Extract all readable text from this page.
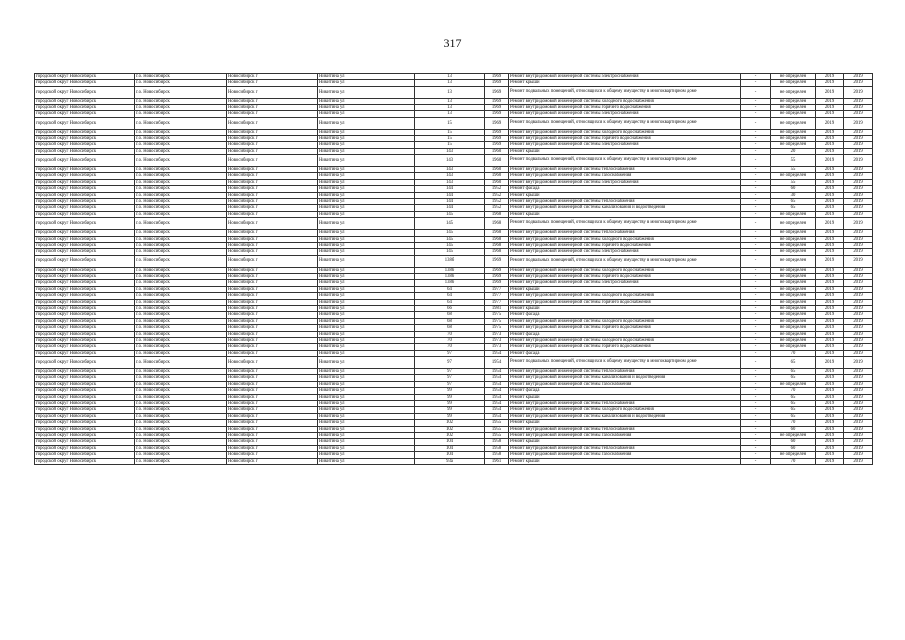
317
городской округ Новосибирск	г.о. Новосибирск	Новосибирск г	Никитина ул	13	1969	Ремонт внутридомовой инженерной системы электроснабжения	-	не определен	2019	2019
городской округ Новосибирск	г.о. Новосибирск	Новосибирск г	Никитина ул	13	1969	Ремонт крыши	-	не определен	2019	2019
городской округ Новосибирск	г.о. Новосибирск	Новосибирск г	Никитина ул	13	1969	Ремонт подвальных помещений, относящихся к общему имуществу в многоквартирном доме	-	не определен	2019	2019
городской округ Новосибирск	г.о. Новосибирск	Новосибирск г	Никитина ул	13	1969	Ремонт внутридомовой инженерной системы холодного водоснабжения	-	не определен	2019	2019
городской округ Новосибирск	г.о. Новосибирск	Новосибирск г	Никитина ул	13	1969	Ремонт внутридомовой инженерной системы горячего водоснабжения	-	не определен	2019	2019
городской округ Новосибирск	г.о. Новосибирск	Новосибирск г	Никитина ул	13	1969	Ремонт внутридомовой инженерной системы электроснабжения	-	не определен	2019	2019
городской округ Новосибирск	г.о. Новосибирск	Новосибирск г	Никитина ул	15	1969	Ремонт подвальных помещений, относящихся к общему имуществу в многоквартирном доме	-	не определен	2019	2019
городской округ Новосибирск	г.о. Новосибирск	Новосибирск г	Никитина ул	15	1969	Ремонт внутридомовой инженерной системы холодного водоснабжения	-	не определен	2019	2019
городской округ Новосибирск	г.о. Новосибирск	Новосибирск г	Никитина ул	15	1969	Ремонт внутридомовой инженерной системы горячего водоснабжения	-	не определен	2019	2019
городской округ Новосибирск	г.о. Новосибирск	Новосибирск г	Никитина ул	15	1969	Ремонт внутридомовой инженерной системы электроснабжения	-	не определен	2019	2019
городской округ Новосибирск	г.о. Новосибирск	Новосибирск г	Никитина ул	143	1960	Ремонт крыши	-	20	2019	2019
городской округ Новосибирск	г.о. Новосибирск	Новосибирск г	Никитина ул	143	1960	Ремонт подвальных помещений, относящихся к общему имуществу в многоквартирном доме	-	55	2019	2019
городской округ Новосибирск	г.о. Новосибирск	Новосибирск г	Никитина ул	143	1960	Ремонт внутридомовой инженерной системы теплоснабжения	-	55	2019	2019
городской округ Новосибирск	г.о. Новосибирск	Новосибирск г	Никитина ул	143	1960	Ремонт внутридомовой инженерной системы газоснабжения	-	не определен	2019	2019
городской округ Новосибирск	г.о. Новосибирск	Новосибирск г	Никитина ул	143	1960	Ремонт внутридомовой инженерной системы электроснабжения	-	55	2019	2019
городской округ Новосибирск	г.о. Новосибирск	Новосибирск г	Никитина ул	144	1952	Ремонт фасада	-	60	2019	2019
городской округ Новосибирск	г.о. Новосибирск	Новосибирск г	Никитина ул	144	1952	Ремонт крыши	-	30	2019	2019
городской округ Новосибирск	г.о. Новосибирск	Новосибирск г	Никитина ул	144	1952	Ремонт внутридомовой инженерной системы теплоснабжения	-	65	2019	2019
городской округ Новосибирск	г.о. Новосибирск	Новосибирск г	Никитина ул	144	1952	Ремонт внутридомовой инженерной системы канализования и водоотведения	-	65	2019	2019
городской округ Новосибирск	г.о. Новосибирск	Новосибирск г	Никитина ул	145	1968	Ремонт крыши	-	не определен	2019	2019
городской округ Новосибирск	г.о. Новосибирск	Новосибирск г	Никитина ул	145	1968	Ремонт подвальных помещений, относящихся к общему имуществу в многоквартирном доме	-	не определен	2019	2019
городской округ Новосибирск	г.о. Новосибирск	Новосибирск г	Никитина ул	145	1968	Ремонт внутридомовой инженерной системы теплоснабжения	-	не определен	2019	2019
городской округ Новосибирск	г.о. Новосибирск	Новосибирск г	Никитина ул	145	1968	Ремонт внутридомовой инженерной системы холодного водоснабжения	-	не определен	2019	2019
городской округ Новосибирск	г.о. Новосибирск	Новосибирск г	Никитина ул	145	1968	Ремонт внутридомовой инженерной системы горячего водоснабжения	-	не определен	2019	2019
городской округ Новосибирск	г.о. Новосибирск	Новосибирск г	Никитина ул	145	1968	Ремонт внутридомовой инженерной системы электроснабжения	-	не определен	2019	2019
городской округ Новосибирск	г.о. Новосибирск	Новосибирск г	Никитина ул	138б	1969	Ремонт подвальных помещений, относящихся к общему имуществу в многоквартирном доме	-	не определен	2019	2019
городской округ Новосибирск	г.о. Новосибирск	Новосибирск г	Никитина ул	138б	1969	Ремонт внутридомовой инженерной системы холодного водоснабжения	-	не определен	2019	2019
городской округ Новосибирск	г.о. Новосибирск	Новосибирск г	Никитина ул	138б	1969	Ремонт внутридомовой инженерной системы горячего водоснабжения	-	не определен	2019	2019
городской округ Новосибирск	г.о. Новосибирск	Новосибирск г	Никитина ул	138б	1969	Ремонт внутридомовой инженерной системы электроснабжения	-	не определен	2019	2019
городской округ Новосибирск	г.о. Новосибирск	Новосибирск г	Никитина ул	64	1977	Ремонт крыши	-	не определен	2019	2019
городской округ Новосибирск	г.о. Новосибирск	Новосибирск г	Никитина ул	64	1977	Ремонт внутридомовой инженерной системы холодного водоснабжения	-	не определен	2019	2019
городской округ Новосибирск	г.о. Новосибирск	Новосибирск г	Никитина ул	64	1977	Ремонт внутридомовой инженерной системы горячего водоснабжения	-	не определен	2019	2019
городской округ Новосибирск	г.о. Новосибирск	Новосибирск г	Никитина ул	66	1981	Ремонт крыши	-	не определен	2019	2019
городской округ Новосибирск	г.о. Новосибирск	Новосибирск г	Никитина ул	68	1975	Ремонт фасада	-	не определен	2019	2019
городской округ Новосибирск	г.о. Новосибирск	Новосибирск г	Никитина ул	68	1975	Ремонт внутридомовой инженерной системы холодного водоснабжения	-	не определен	2019	2019
городской округ Новосибирск	г.о. Новосибирск	Новосибирск г	Никитина ул	68	1975	Ремонт внутридомовой инженерной системы горячего водоснабжения	-	не определен	2019	2019
городской округ Новосибирск	г.о. Новосибирск	Новосибирск г	Никитина ул	70	1973	Ремонт фасада	-	не определен	2019	2019
городской округ Новосибирск	г.о. Новосибирск	Новосибирск г	Никитина ул	70	1973	Ремонт внутридомовой инженерной системы холодного водоснабжения	-	не определен	2019	2019
городской округ Новосибирск	г.о. Новосибирск	Новосибирск г	Никитина ул	70	1973	Ремонт внутридомовой инженерной системы горячего водоснабжения	-	не определен	2019	2019
городской округ Новосибирск	г.о. Новосибирск	Новосибирск г	Никитина ул	97	1954	Ремонт фасада	-	70	2019	2019
городской округ Новосибирск	г.о. Новосибирск	Новосибирск г	Никитина ул	97	1954	Ремонт подвальных помещений, относящихся к общему имуществу в многоквартирном доме	-	65	2019	2019
городской округ Новосибирск	г.о. Новосибирск	Новосибирск г	Никитина ул	97	1954	Ремонт внутридомовой инженерной системы теплоснабжения	-	65	2019	2019
городской округ Новосибирск	г.о. Новосибирск	Новосибирск г	Никитина ул	97	1954	Ремонт внутридомовой инженерной системы канализования и водоотведения	-	65	2019	2019
городской округ Новосибирск	г.о. Новосибирск	Новосибирск г	Никитина ул	97	1954	Ремонт внутридомовой инженерной системы газоснабжения	-	не определен	2019	2019
городской округ Новосибирск	г.о. Новосибирск	Новосибирск г	Никитина ул	99	1954	Ремонт фасада	-	70	2019	2019
городской округ Новосибирск	г.о. Новосибирск	Новосибирск г	Никитина ул	99	1954	Ремонт крыши	-	65	2019	2019
городской округ Новосибирск	г.о. Новосибирск	Новосибирск г	Никитина ул	99	1954	Ремонт внутридомовой инженерной системы теплоснабжения	-	65	2019	2019
городской округ Новосибирск	г.о. Новосибирск	Новосибирск г	Никитина ул	99	1954	Ремонт внутридомовой инженерной системы холодного водоснабжения	-	65	2019	2019
городской округ Новосибирск	г.о. Новосибирск	Новосибирск г	Никитина ул	99	1954	Ремонт внутридомовой инженерной системы канализования и водоотведения	-	65	2019	2019
городской округ Новосибирск	г.о. Новосибирск	Новосибирск г	Никитина ул	102	1955	Ремонт крыши	-	70	2019	2019
городской округ Новосибирск	г.о. Новосибирск	Новосибирск г	Никитина ул	102	1955	Ремонт внутридомовой инженерной системы теплоснабжения	-	60	2019	2019
городской округ Новосибирск	г.о. Новосибирск	Новосибирск г	Никитина ул	102	1955	Ремонт внутридомовой инженерной системы газоснабжения	-	не определен	2019	2019
городской округ Новосибирск	г.о. Новосибирск	Новосибирск г	Никитина ул	104	1958	Ремонт крыши	-	60	2019	2019
городской округ Новосибирск	г.о. Новосибирск	Новосибирск г	Никитина ул	104	1958	Ремонт внутридомовой инженерной системы теплоснабжения	-	60	2019	2019
городской округ Новосибирск	г.о. Новосибирск	Новосибирск г	Никитина ул	104	1958	Ремонт внутридомовой инженерной системы газоснабжения	-	не определен	2019	2019
городской округ Новосибирск	г.о. Новосибирск	Новосибирск г	Никитина ул	93а	1961	Ремонт крыши	-	70	2019	2019
